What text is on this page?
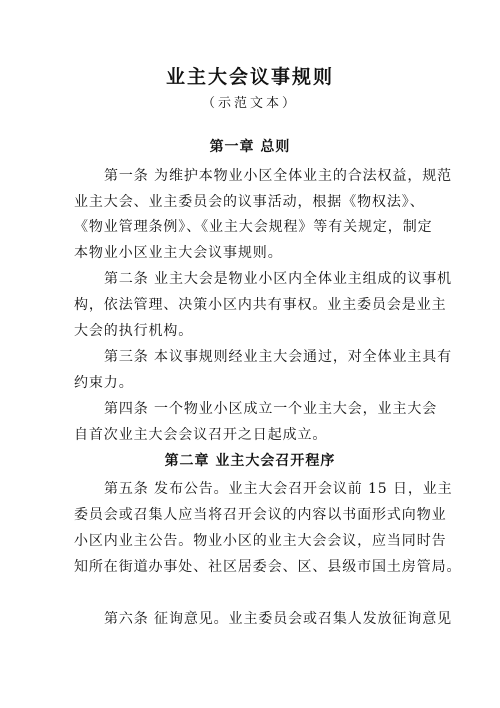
业主大会议事规则
（示范文本）
第一章 总则
第一条 为维护本物业小区全体业主的合法权益，规范
业主大会、业主委员会的议事活动，根据《物权法》、
《物业管理条例》、《业主大会规程》等有关规定，制定
本物业小区业主大会议事规则。
第二条 业主大会是物业小区内全体业主组成的议事机
构，依法管理、决策小区内共有事权。业主委员会是业主
大会的执行机构。
第三条 本议事规则经业主大会通过，对全体业主具有
约束力。
第四条 一个物业小区成立一个业主大会，业主大会
自首次业主大会会议召开之日起成立。
第二章 业主大会召开程序
第五条 发布公告。业主大会召开会议前 15 日，业主
委员会或召集人应当将召开会议的内容以书面形式向物业
小区内业主公告。物业小区的业主大会会议，应当同时告
知所在街道办事处、社区居委会、区、县级市国土房管局。
第六条 征询意见。业主委员会或召集人发放征询意见
